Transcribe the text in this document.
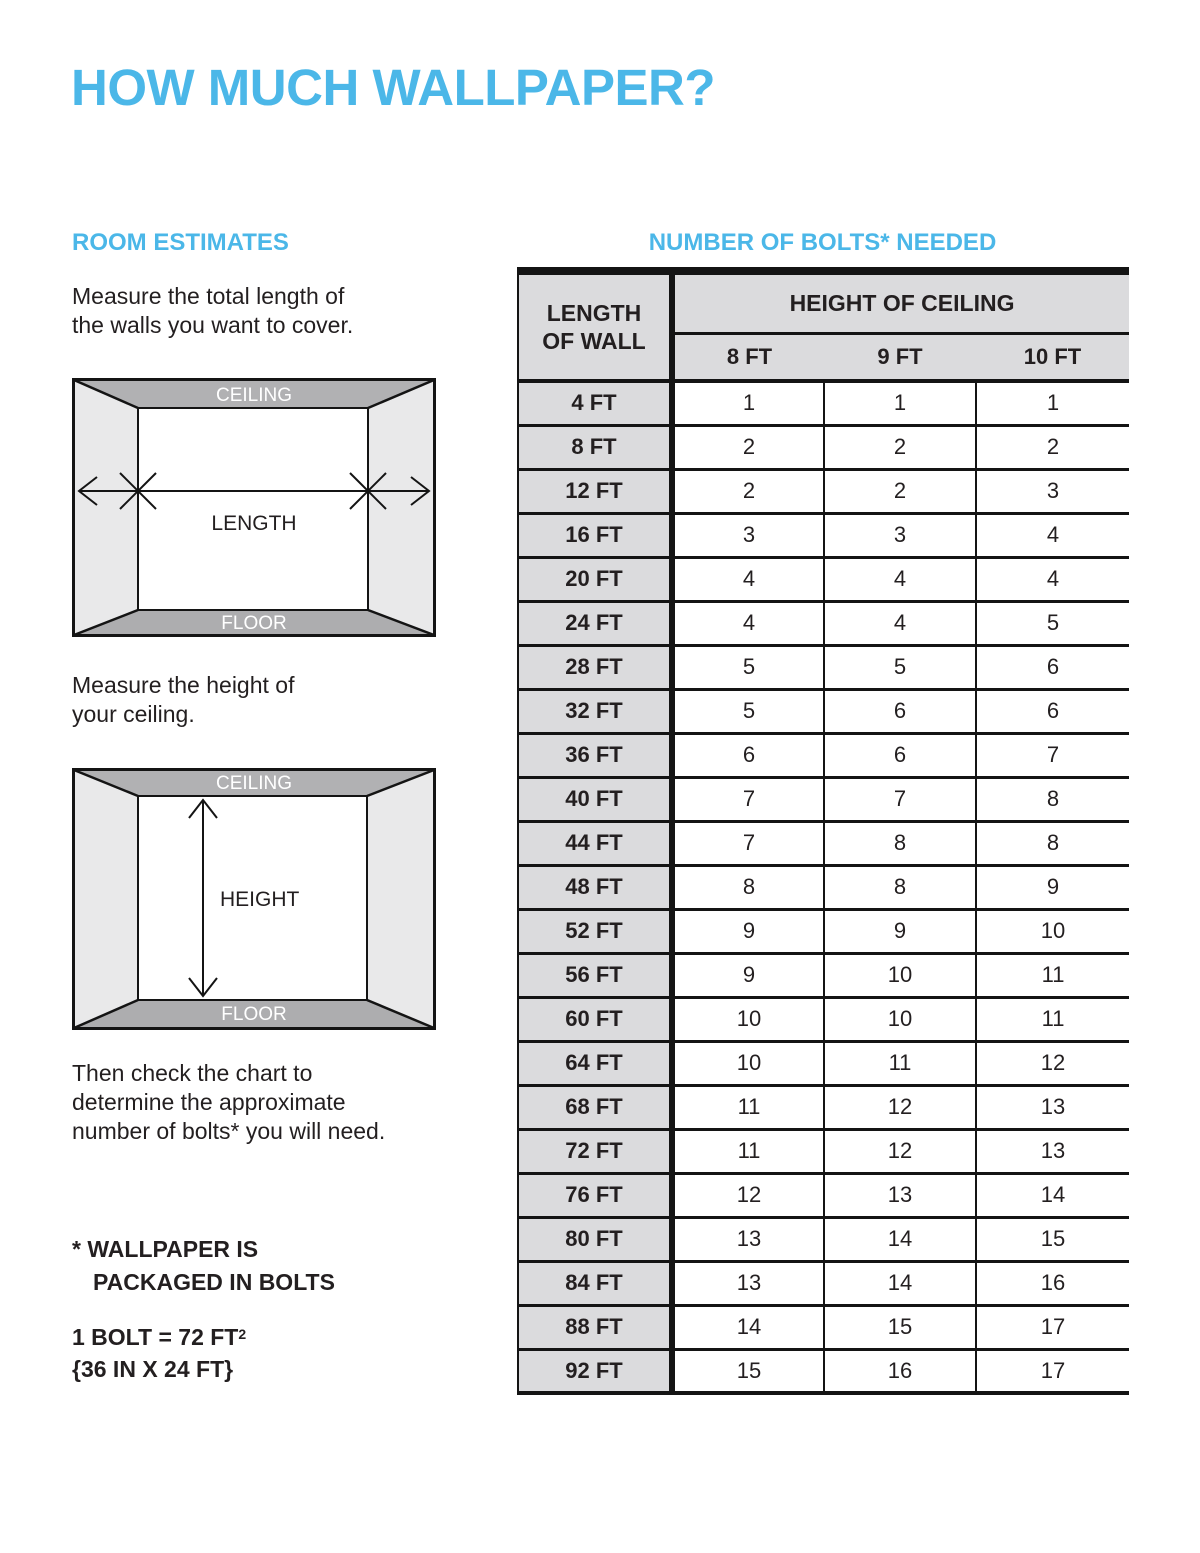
HOW MUCH WALLPAPER?
ROOM ESTIMATES
Measure the total length of
the walls you want to cover.
CEILING
LENGTH
FLOOR
Measure the height of
your ceiling.
CEILING
HEIGHT
FLOOR
Then check the chart to
determine the approximate
number of bolts* you will need.
* WALLPAPER IS
PACKAGED IN BOLTS
1 BOLT = 72 $FT^2$
{36 IN X 24 FT}
NUMBER OF BOLTS* NEEDED
LENGTH
OF WALL	HEIGHT OF CEILING		
	8 FT	9 FT	10 FT
4 FT	1	1	1
8 FT	2	2	2
12 FT	2	2	3
16 FT	3	3	4
20 FT	4	4	4
24 FT	4	4	5
28 FT	5	5	6
32 FT	5	6	6
36 FT	6	6	7
40 FT	7	7	8
44 FT	7	8	8
48 FT	8	8	9
52 FT	9	9	10
56 FT	9	10	11
60 FT	10	10	11
64 FT	10	11	12
68 FT	11	12	13
72 FT	11	12	13
76 FT	12	13	14
80 FT	13	14	15
84 FT	13	14	16
88 FT	14	15	17
92 FT	15	16	17
